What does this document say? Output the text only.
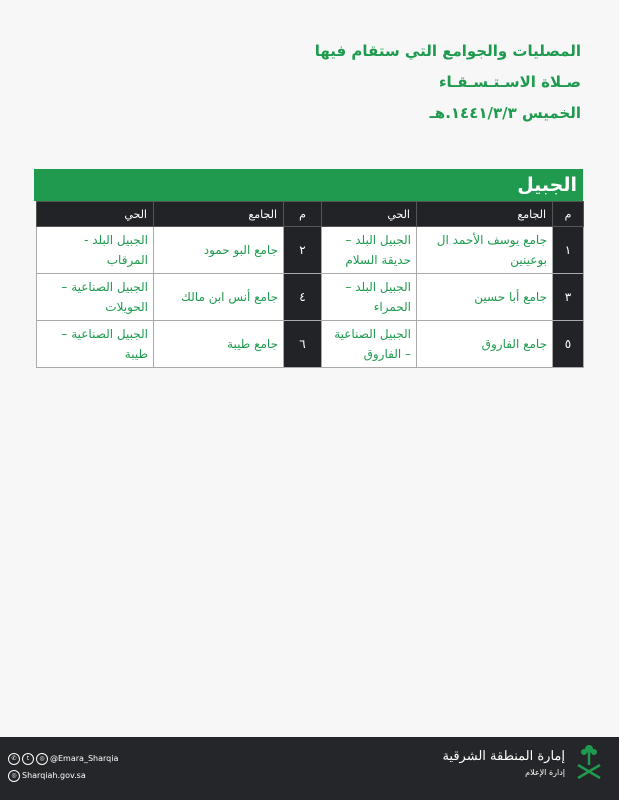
المصليات والجوامع التي ستقام فيها
صـلاة الاسـتـسـقـاء
الخميس ١٤٤١/٣/٣.هـ
الجبيل
م	الجامع	الحي	م	الجامع	الحي
١	جامع يوسف الأحمد ال بوعينين	الجبيل البلد – حديقة السلام	٢	جامع البو حمود	الجبيل البلد - المرقاب
٣	جامع أبا حسين	الجبيل البلد – الحمراء	٤	جامع أنس ابن مالك	الجبيل الصناعية – الحويلات
٥	جامع الفاروق	الجبيل الصناعية – الفاروق	٦	جامع طيبة	الجبيل الصناعية – طيبة
✆	t	◎ @Emara_Sharqia
◎ Sharqiah.gov.sa
إمارة المنطقة الشرقية
إدارة الإعلام
